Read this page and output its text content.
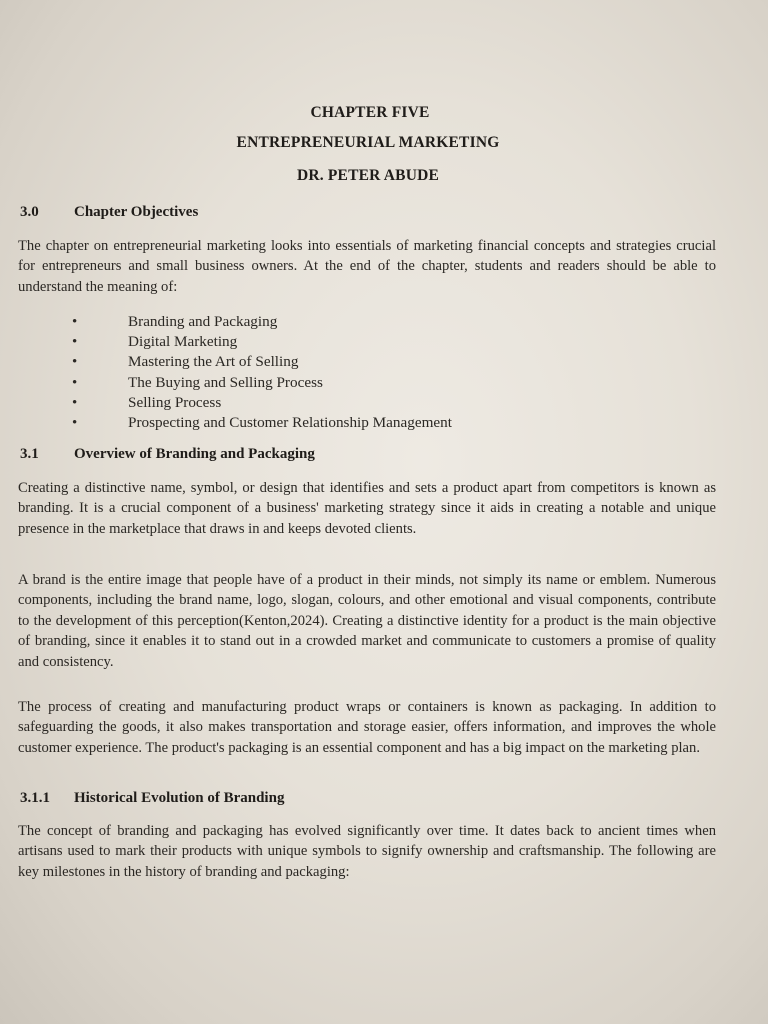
CHAPTER FIVE
ENTREPRENEURIAL MARKETING
DR. PETER ABUDE
3.0 Chapter Objectives
The chapter on entrepreneurial marketing looks into essentials of marketing financial concepts and strategies crucial for entrepreneurs and small business owners. At the end of the chapter, students and readers should be able to understand the meaning of:
• Branding and Packaging
• Digital Marketing
• Mastering the Art of Selling
• The Buying and Selling Process
• Selling Process
• Prospecting and Customer Relationship Management
3.1 Overview of Branding and Packaging
Creating a distinctive name, symbol, or design that identifies and sets a product apart from competitors is known as branding. It is a crucial component of a business' marketing strategy since it aids in creating a notable and unique presence in the marketplace that draws in and keeps devoted clients.
A brand is the entire image that people have of a product in their minds, not simply its name or emblem. Numerous components, including the brand name, logo, slogan, colours, and other emotional and visual components, contribute to the development of this perception(Kenton,2024). Creating a distinctive identity for a product is the main objective of branding, since it enables it to stand out in a crowded market and communicate to customers a promise of quality and consistency.
The process of creating and manufacturing product wraps or containers is known as packaging. In addition to safeguarding the goods, it also makes transportation and storage easier, offers information, and improves the whole customer experience. The product's packaging is an essential component and has a big impact on the marketing plan.
3.1.1 Historical Evolution of Branding
The concept of branding and packaging has evolved significantly over time. It dates back to ancient times when artisans used to mark their products with unique symbols to signify ownership and craftsmanship. The following are key milestones in the history of branding and packaging:
